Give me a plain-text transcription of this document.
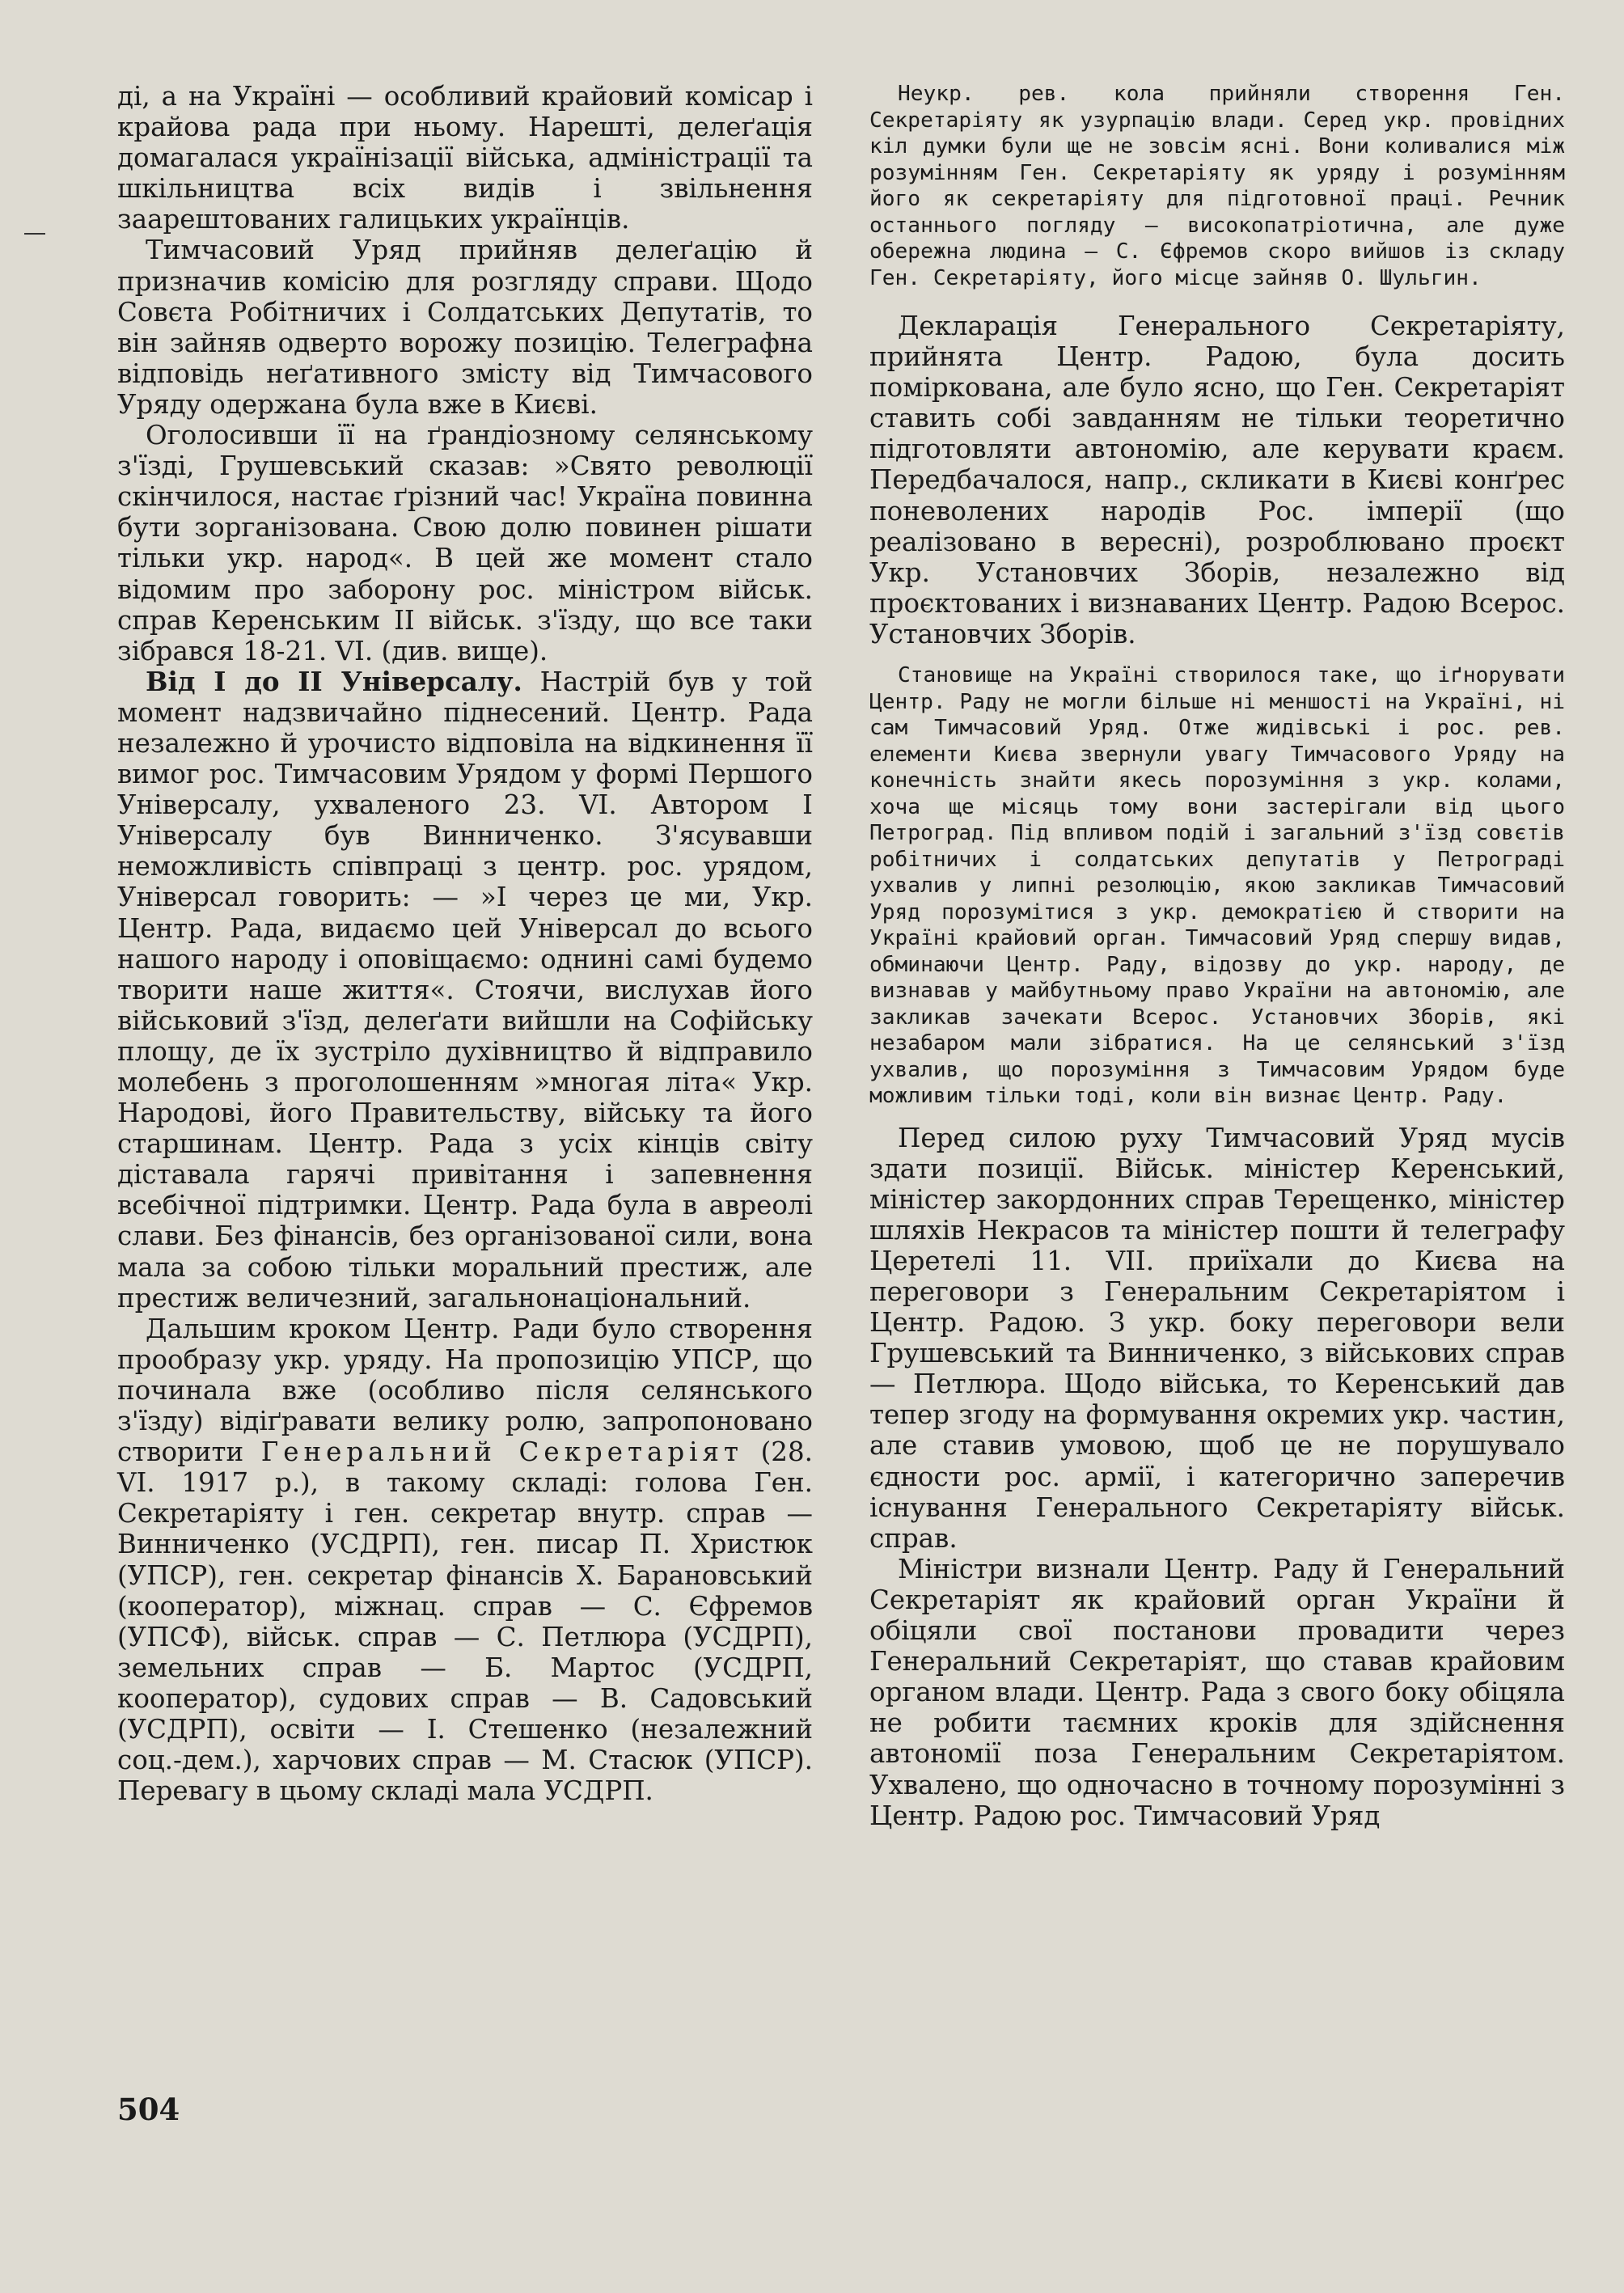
ді, а на Україні — особливий крайовий комісар і крайова рада при ньому. Нарешті, делеґація домагалася українізації війська, адміністрації та шкільництва всіх видів і звільнення заарештованих галицьких українців.

Тимчасовий Уряд прийняв делеґацію й призначив комісію для розгляду справи. Щодо Совєта Робітничих і Солдатських Депутатів, то він зайняв одверто ворожу позицію. Телеграфна відповідь неґативного змісту від Тимчасового Уряду одержана була вже в Києві.

Оголосивши її на ґрандіозному селянському з'їзді, Грушевський сказав: »Свято революції скінчилося, настає ґрізний час! Україна повинна бути зорганізована. Свою долю повинен рішати тільки укр. народ«. В цей же момент стало відомим про заборону рос. міністром військ. справ Керенським II військ. з'їзду, що все таки зібрався 18-21. VI. (див. вище).

Від I до II Універсалу. Настрій був у той момент надзвичайно піднесений. Центр. Рада незалежно й урочисто відповіла на відкинення її вимог рос. Тимчасовим Урядом у формі Першого Універсалу, ухваленого 23. VI. Автором I Універсалу був Винниченко. З'ясувавши неможливість співпраці з центр. рос. урядом, Універсал говорить: — »I через це ми, Укр. Центр. Рада, видаємо цей Універсал до всього нашого народу і оповіщаємо: однині самі будемо творити наше життя«. Стоячи, вислухав його військовий з'їзд, делеґати вийшли на Софійську площу, де їх зустріло духівництво й відправило молебень з проголошенням »многая літа« Укр. Народові, його Правительству, війську та його старшинам. Центр. Рада з усіх кінців світу діставала гарячі привітання і запевнення всебічної підтримки. Центр. Рада була в авреолі слави. Без фінансів, без організованої сили, вона мала за собою тільки моральний престиж, але престиж величезний, загальнонаціональний.

Дальшим кроком Центр. Ради було створення прообразу укр. уряду. На пропозицію УПСР, що починала вже (особливо після селянського з'їзду) відіґравати велику ролю, запропоновано створити Генеральний Секретаріят (28. VI. 1917 р.), в такому складі: голова Ген. Секретаріяту і ген. секретар внутр. справ — Винниченко (УСДРП), ген. писар П. Христюк (УПСР), ген. секретар фінансів Х. Барановський (кооператор), міжнац. справ — С. Єфремов (УПСФ), військ. справ — С. Петлюра (УСДРП), земельних справ — Б. Мартос (УСДРП, кооператор), судових справ — В. Садовський (УСДРП), освіти — I. Стешенко (незалежний соц.-дем.), харчових справ — М. Стасюк (УПСР). Перевагу в цьому складі мала УСДРП.

Неукр. рев. кола прийняли створення Ген. Секретаріяту як узурпацію влади. Серед укр. провідних кіл думки були ще не зовсім ясні. Вони коливалися між розумінням Ген. Секретаріяту як уряду і розумінням його як секретаріяту для підготовної праці. Речник останнього погляду — високопатріотична, але дуже обережна людина — С. Єфремов скоро вийшов із складу Ген. Секретаріяту, його місце зайняв О. Шульгин.

Декларація Генерального Секретаріяту, прийнята Центр. Радою, була досить поміркована, але було ясно, що Ген. Секретаріят ставить собі завданням не тільки теоретично підготовляти автономію, але керувати краєм. Передбачалося, напр., скликати в Києві конґрес поневолених народів Рос. імперії (що реалізовано в вересні), розроблювано проєкт Укр. Установчих Зборів, незалежно від проєктованих і визнаваних Центр. Радою Всерос. Установчих Зборів.

Становище на Україні створилося таке, що іґнорувати Центр. Раду не могли більше ні меншості на Україні, ні сам Тимчасовий Уряд. Отже жидівські і рос. рев. елементи Києва звернули увагу Тимчасового Уряду на конечність знайти якесь порозуміння з укр. колами, хоча ще місяць тому вони застерігали від цього Петроград. Під впливом подій і загальний з'їзд совєтів робітничих і солдатських депутатів у Петрограді ухвалив у липні резолюцію, якою закликав Тимчасовий Уряд порозумітися з укр. демократією й створити на Україні крайовий орган. Тимчасовий Уряд спершу видав, обминаючи Центр. Раду, відозву до укр. народу, де визнавав у майбутньому право України на автономію, але закликав зачекати Всерос. Установчих Зборів, які незабаром мали зібратися. На це селянський з'їзд ухвалив, що порозуміння з Тимчасовим Урядом буде можливим тільки тоді, коли він визнає Центр. Раду.

Перед силою руху Тимчасовий Уряд мусів здати позиції. Військ. міністер Керенський, міністер закордонних справ Терещенко, міністер шляхів Некрасов та міністер пошти й телеграфу Церетелі 11. VII. приїхали до Києва на переговори з Генеральним Секретаріятом і Центр. Радою. З укр. боку переговори вели Грушевський та Винниченко, з військових справ — Петлюра. Щодо війська, то Керенський дав тепер згоду на формування окремих укр. частин, але ставив умовою, щоб це не порушувало єдности рос. армії, і категорично заперечив існування Генерального Секретаріяту військ. справ.

Міністри визнали Центр. Раду й Генеральний Секретаріят як крайовий орган України й обіцяли свої постанови провадити через Генеральний Секретаріят, що ставав крайовим органом влади. Центр. Рада з свого боку обіцяла не робити таємних кроків для здійснення автономії поза Генеральним Секретаріятом. Ухвалено, що одночасно в точному порозумінні з Центр. Радою рос. Тимчасовий Уряд

504
